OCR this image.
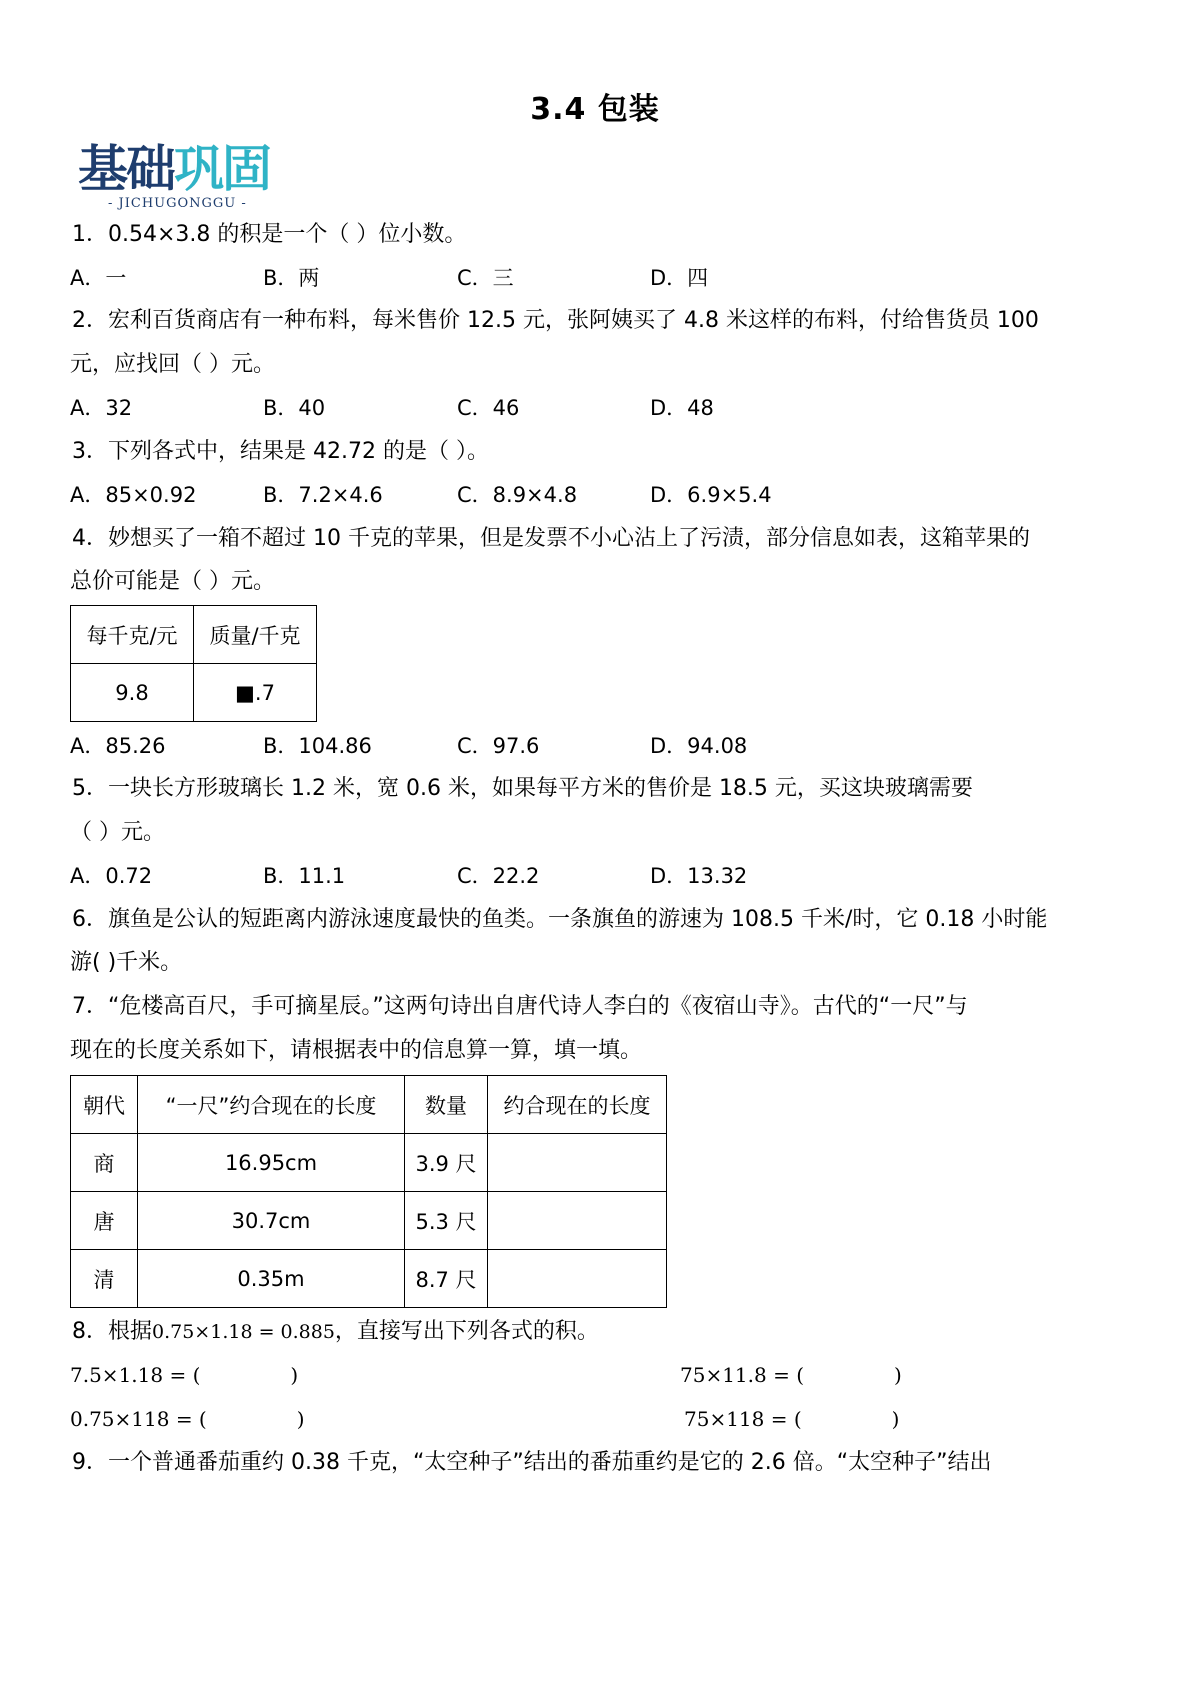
3.4 包装
基础巩固
- JICHUGONGGU -
1．0.54×3.8 的积是一个（ ）位小数。
A．一	B．两	C．三	D．四
2．宏利百货商店有一种布料，每米售价 12.5 元，张阿姨买了 4.8 米这样的布料，付给售货员 100
元，应找回（ ）元。
A．32	B．40	C．46	D．48
3．下列各式中，结果是 42.72 的是（ ）。
A．85×0.92	B．7.2×4.6	C．8.9×4.8	D．6.9×5.4
4．妙想买了一箱不超过 10 千克的苹果，但是发票不小心沾上了污渍，部分信息如表，这箱苹果的
总价可能是（ ）元。
每千克/元	质量/千克
9.8	■.7
A．85.26	B．104.86	C．97.6	D．94.08
5．一块长方形玻璃长 1.2 米，宽 0.6 米，如果每平方米的售价是 18.5 元，买这块玻璃需要
（ ）元。
A．0.72	B．11.1	C．22.2	D．13.32
6．旗鱼是公认的短距离内游泳速度最快的鱼类。一条旗鱼的游速为 108.5 千米/时，它 0.18 小时能
游( )千米。
7．“危楼高百尺，手可摘星辰。”这两句诗出自唐代诗人李白的《夜宿山寺》。古代的“一尺”与
现在的长度关系如下，请根据表中的信息算一算，填一填。
朝代	“一尺”约合现在的长度	数量	约合现在的长度
商	16.95cm	3.9 尺	
唐	30.7cm	5.3 尺	
清	0.35m	8.7 尺	
8．根据0.75×1.18 = 0.885，直接写出下列各式的积。
7.5×1.18 = (	)	75×11.8 = (	)
0.75×118 = (	)	75×118 = (	)
9．一个普通番茄重约 0.38 千克，“太空种子”结出的番茄重约是它的 2.6 倍。“太空种子”结出
